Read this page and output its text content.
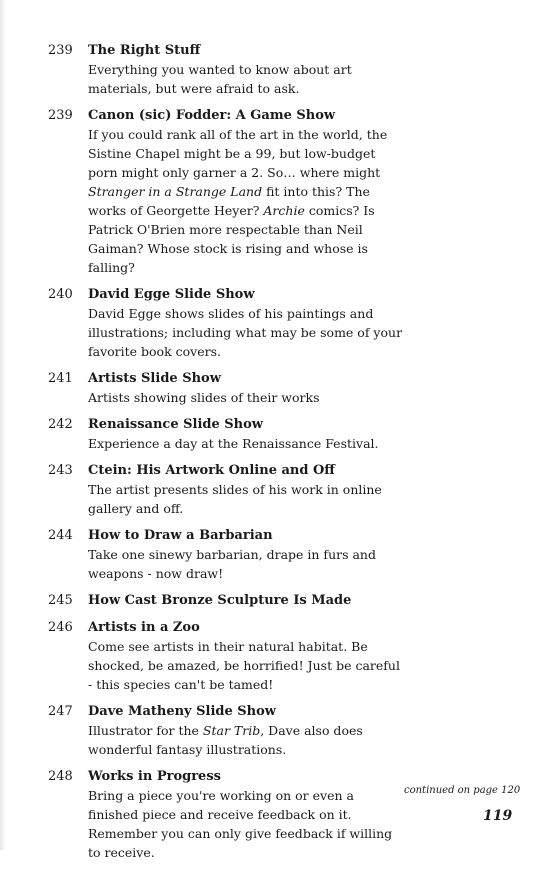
239	The Right Stuff
Everything you wanted to know about art materials, but were afraid to ask.
239	Canon (sic) Fodder: A Game Show
If you could rank all of the art in the world, the Sistine Chapel might be a 99, but low-budget porn might only garner a 2. So… where might Stranger in a Strange Land fit into this? The works of Georgette Heyer? Archie comics? Is Patrick O'Brien more respectable than Neil Gaiman? Whose stock is rising and whose is falling?
240	David Egge Slide Show
David Egge shows slides of his paintings and illustrations; including what may be some of your favorite book covers.
241	Artists Slide Show
Artists showing slides of their works
242	Renaissance Slide Show
Experience a day at the Renaissance Festival.
243	Ctein: His Artwork Online and Off
The artist presents slides of his work in online gallery and off.
244	How to Draw a Barbarian
Take one sinewy barbarian, drape in furs and weapons - now draw!
245	How Cast Bronze Sculpture Is Made
246	Artists in a Zoo
Come see artists in their natural habitat. Be shocked, be amazed, be horrified! Just be careful - this species can't be tamed!
247	Dave Matheny Slide Show
Illustrator for the Star Trib, Dave also does wonderful fantasy illustrations.
248	Works in Progress
Bring a piece you're working on or even a finished piece and receive feedback on it. Remember you can only give feedback if willing to receive.
continued on page 120
119
